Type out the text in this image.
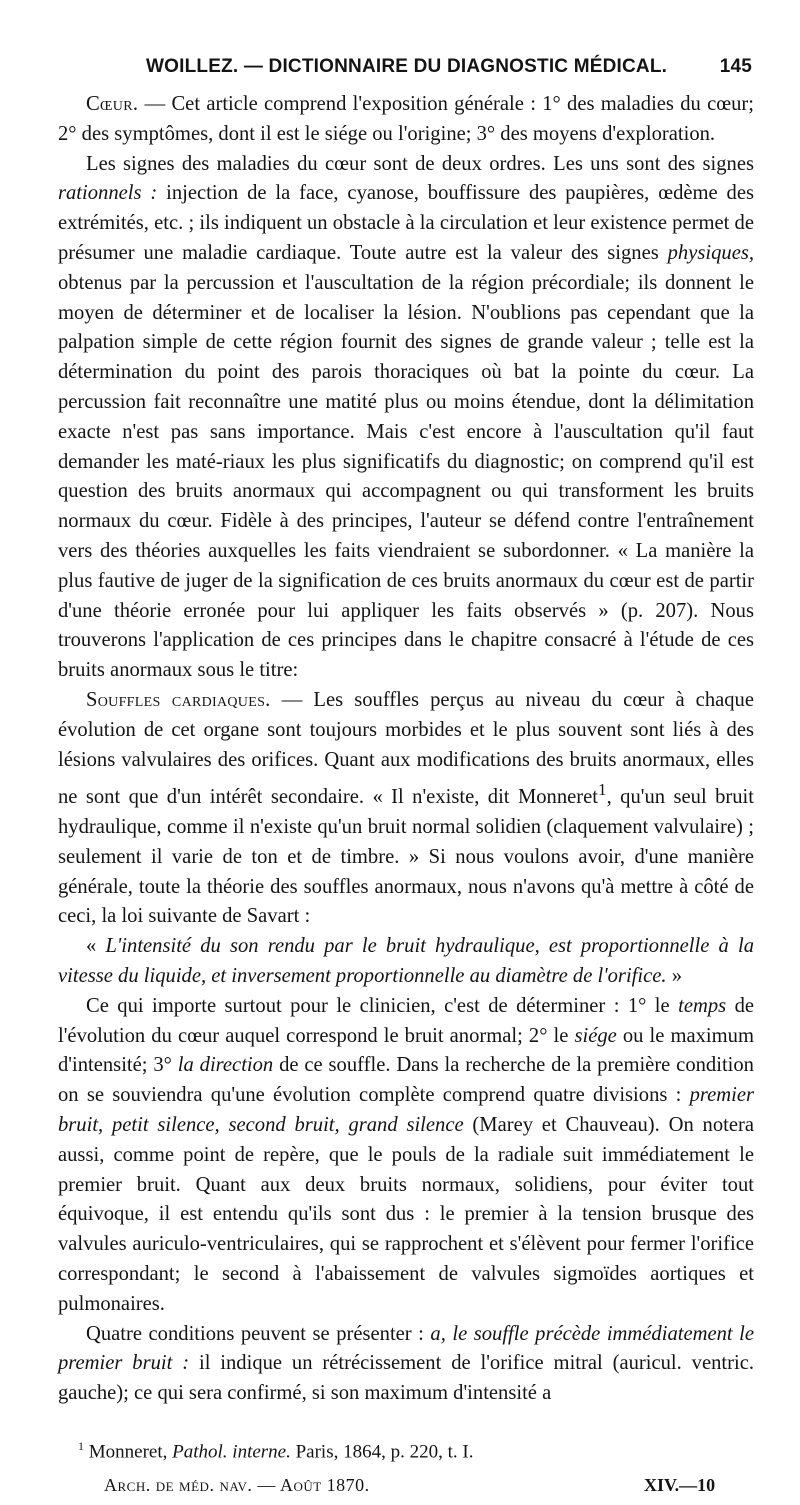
WOILLEZ. — DICTIONNAIRE DU DIAGNOSTIC MÉDICAL.	145

Cœur. — Cet article comprend l'exposition générale : 1° des maladies du cœur; 2° des symptômes, dont il est le siége ou l'origine; 3° des moyens d'exploration.

Les signes des maladies du cœur sont de deux ordres. Les uns sont des signes rationnels : injection de la face, cyanose, bouffissure des paupières, œdème des extrémités, etc. ; ils indiquent un obstacle à la circulation et leur existence permet de présumer une maladie cardiaque. Toute autre est la valeur des signes physiques, obtenus par la percussion et l'auscultation de la région précordiale; ils donnent le moyen de déterminer et de localiser la lésion. N'oublions pas cependant que la palpation simple de cette région fournit des signes de grande valeur ; telle est la détermination du point des parois thoraciques où bat la pointe du cœur. La percussion fait reconnaître une matité plus ou moins étendue, dont la délimitation exacte n'est pas sans importance. Mais c'est encore à l'auscultation qu'il faut demander les maté-riaux les plus significatifs du diagnostic; on comprend qu'il est question des bruits anormaux qui accompagnent ou qui transforment les bruits normaux du cœur. Fidèle à des principes, l'auteur se défend contre l'entraînement vers des théories auxquelles les faits viendraient se subordonner. « La manière la plus fautive de juger de la signification de ces bruits anormaux du cœur est de partir d'une théorie erronée pour lui appliquer les faits observés » (p. 207). Nous trouverons l'application de ces principes dans le chapitre consacré à l'étude de ces bruits anormaux sous le titre:

Souffles cardiaques. — Les souffles perçus au niveau du cœur à chaque évolution de cet organe sont toujours morbides et le plus souvent sont liés à des lésions valvulaires des orifices. Quant aux modifications des bruits anormaux, elles ne sont que d'un intérêt secondaire. « Il n'existe, dit Monneret$^1$, qu'un seul bruit hydraulique, comme il n'existe qu'un bruit normal solidien (claquement valvulaire) ; seulement il varie de ton et de timbre. » Si nous voulons avoir, d'une manière générale, toute la théorie des souffles anormaux, nous n'avons qu'à mettre à côté de ceci, la loi suivante de Savart :

« L'intensité du son rendu par le bruit hydraulique, est proportionnelle à la vitesse du liquide, et inversement proportionnelle au diamètre de l'orifice. »

Ce qui importe surtout pour le clinicien, c'est de déterminer : 1° le temps de l'évolution du cœur auquel correspond le bruit anormal; 2° le siége ou le maximum d'intensité; 3° la direction de ce souffle. Dans la recherche de la première condition on se souviendra qu'une évolution complète comprend quatre divisions : premier bruit, petit silence, second bruit, grand silence (Marey et Chauveau). On notera aussi, comme point de repère, que le pouls de la radiale suit immédiatement le premier bruit. Quant aux deux bruits normaux, solidiens, pour éviter tout équivoque, il est entendu qu'ils sont dus : le premier à la tension brusque des valvules auriculo-ventriculaires, qui se rapprochent et s'élèvent pour fermer l'orifice correspondant; le second à l'abaissement de valvules sigmoïdes aortiques et pulmonaires.

Quatre conditions peuvent se présenter : a, le souffle précède immédiatement le premier bruit : il indique un rétrécissement de l'orifice mitral (auricul. ventric. gauche); ce qui sera confirmé, si son maximum d'intensité a

$^1$ Monneret, Pathol. interne. Paris, 1864, p. 220, t. I.
Arch. de méd. nav. — Août 1870.	XIV.—10
